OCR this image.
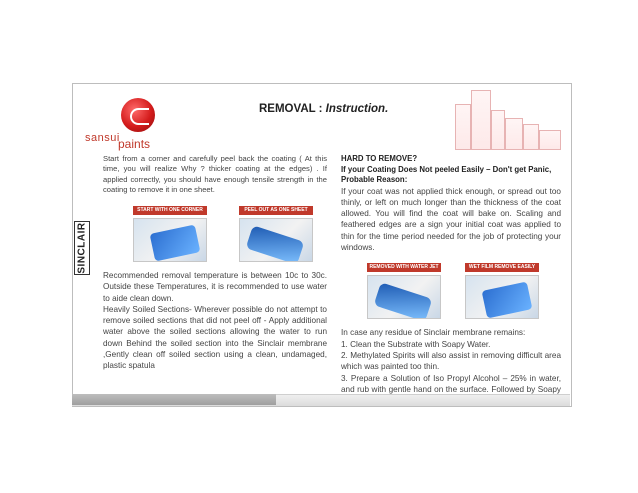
sansui
paints
REMOVAL : Instruction.
SINCLAIR

Start from a corner and carefully peel back the coating ( At this time, you will realize Why ? thicker coating at the edges) . If applied correctly, you should have enough tensile strength in the coating to remove it in one sheet.

START WITH ONE CORNER	PEEL OUT AS ONE SHEET

Recommended removal temperature is between 10c to 30c. Outside these Temperatures, it is recommended to use water to aide clean down.

Heavily Soiled Sections- Wherever possible do not attempt to remove soiled sections that did not peel off - Apply additional water above the soiled sections allowing the water to run down Behind the soiled section into the Sinclair membrane ,Gently clean off soiled section using a clean, undamaged, plastic spatula

HARD TO REMOVE?

If your Coating Does Not peeled Easily – Don't get Panic,

Probable Reason:

If your coat was not applied thick enough, or spread out too thinly, or left on much longer than the thickness of the coat allowed. You will find the coat will bake on. Scaling and feathered edges are a sign your initial coat was applied to thin for the time period needed for the job of protecting your windows.

REMOVED WITH WATER JET	WET FILM REMOVE EASILY

In case any residue of Sinclair membrane remains:

1. Clean the Substrate with Soapy Water.

2. Methylated Spirits will also assist in removing difficult area which was painted too thin.

3. Prepare a Solution of Iso Propyl Alcohol – 25% in water, and rub with gentle hand on the surface. Followed by Soapy
